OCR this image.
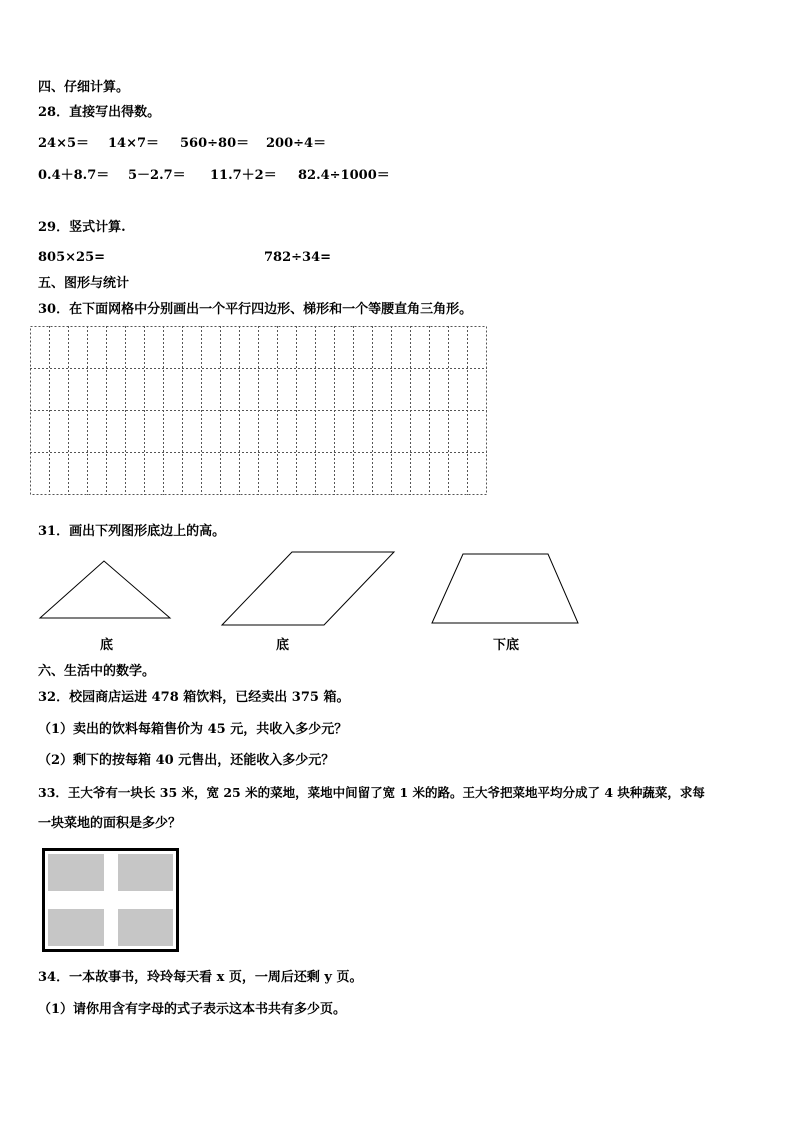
四、仔细计算。
28．直接写出得数。
24×5＝ 14×7＝ 560÷80＝ 200÷4＝
0.4＋8.7＝ 5－2.7＝ 11.7＋2＝ 82.4÷1000＝
29．竖式计算.
805×25=	782÷34=
五、图形与统计
30．在下面网格中分别画出一个平行四边形、梯形和一个等腰直角三角形。
31．画出下列图形底边上的高。
底	底	下底
六、生活中的数学。
32．校园商店运进 478 箱饮料，已经卖出 375 箱。
（1）卖出的饮料每箱售价为 45 元，共收入多少元？
（2）剩下的按每箱 40 元售出，还能收入多少元？
33．王大爷有一块长 35 米，宽 25 米的菜地，菜地中间留了宽 1 米的路。王大爷把菜地平均分成了 4 块种蔬菜，求每
一块菜地的面积是多少？
34．一本故事书，玲玲每天看 x 页，一周后还剩 y 页。
（1）请你用含有字母的式子表示这本书共有多少页。
